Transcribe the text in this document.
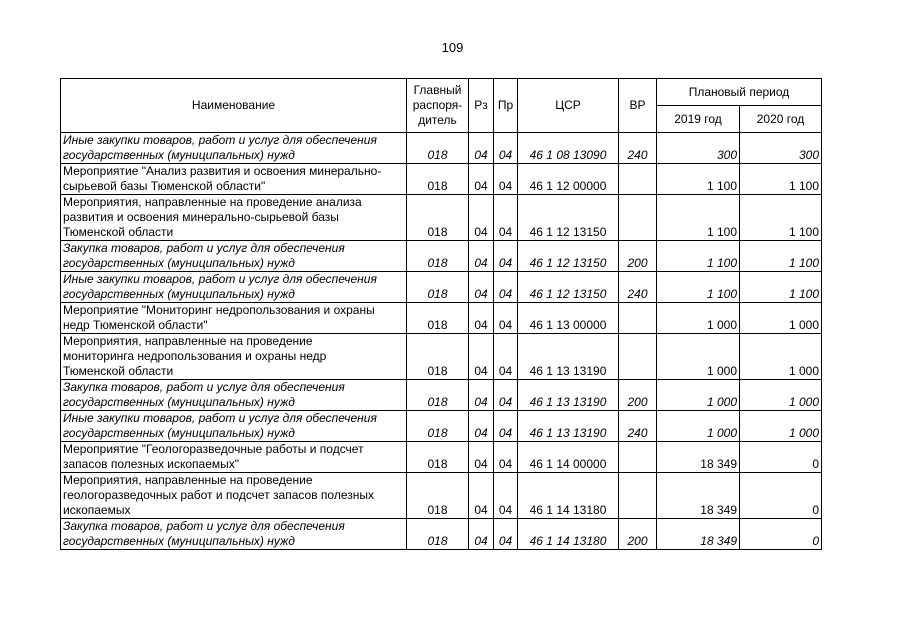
109
Наименование	Главный
распоря-
дитель	Рз	Пр	ЦСР	ВР	Плановый период	
						2019 год	2020 год

Иные закупки товаров, работ и услуг для обеспечения
государственных (муниципальных) нужд	018	04	04	46 1 08 13090	240	300	300

Мероприятие "Анализ развития и освоения минерально-
сырьевой базы Тюменской области"	018	04	04	46 1 12 00000		1 100	1 100

Мероприятия, направленные на проведение анализа
развития и освоения минерально-сырьевой базы
Тюменской области	018	04	04	46 1 12 13150		1 100	1 100

Закупка товаров, работ и услуг для обеспечения
государственных (муниципальных) нужд	018	04	04	46 1 12 13150	200	1 100	1 100

Иные закупки товаров, работ и услуг для обеспечения
государственных (муниципальных) нужд	018	04	04	46 1 12 13150	240	1 100	1 100

Мероприятие "Мониторинг недропользования и охраны
недр Тюменской области"	018	04	04	46 1 13 00000		1 000	1 000

Мероприятия, направленные на проведение
мониторинга недропользования и охраны недр
Тюменской области	018	04	04	46 1 13 13190		1 000	1 000

Закупка товаров, работ и услуг для обеспечения
государственных (муниципальных) нужд	018	04	04	46 1 13 13190	200	1 000	1 000

Иные закупки товаров, работ и услуг для обеспечения
государственных (муниципальных) нужд	018	04	04	46 1 13 13190	240	1 000	1 000

Мероприятие "Геологоразведочные работы и подсчет
запасов полезных ископаемых"	018	04	04	46 1 14 00000		18 349	0

Мероприятия, направленные на проведение
геологоразведочных работ и подсчет запасов полезных
ископаемых	018	04	04	46 1 14 13180		18 349	0

Закупка товаров, работ и услуг для обеспечения
государственных (муниципальных) нужд	018	04	04	46 1 14 13180	200	18 349	0
